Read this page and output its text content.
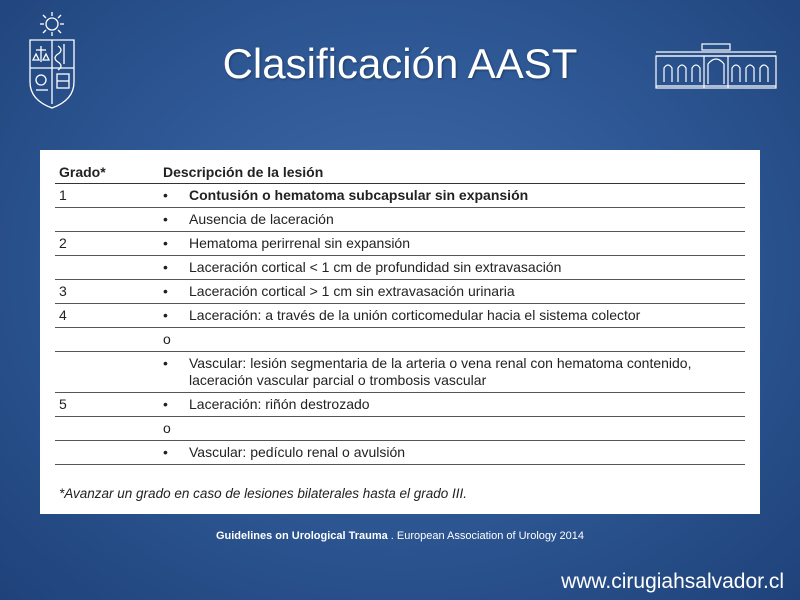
Clasificación AAST
Grado*	Descripción de la lesión	
1	•	Contusión o hematoma subcapsular sin expansión
	•	Ausencia de laceración
2	•	Hematoma perirrenal sin expansión
	•	Laceración cortical < 1 cm de profundidad sin extravasación
3	•	Laceración cortical > 1 cm sin extravasación urinaria
4	•	Laceración: a través de la unión corticomedular hacia el sistema colector
	o	
	•	Vascular: lesión segmentaria de la arteria o vena renal con hematoma contenido, laceración vascular parcial o trombosis vascular
5	•	Laceración: riñón destrozado
	o	
	•	Vascular: pedículo renal o avulsión
*Avanzar un grado en caso de lesiones bilaterales hasta el grado III.
Guidelines on Urological Trauma . European Association of Urology 2014
www.cirugiahsalvador.cl
